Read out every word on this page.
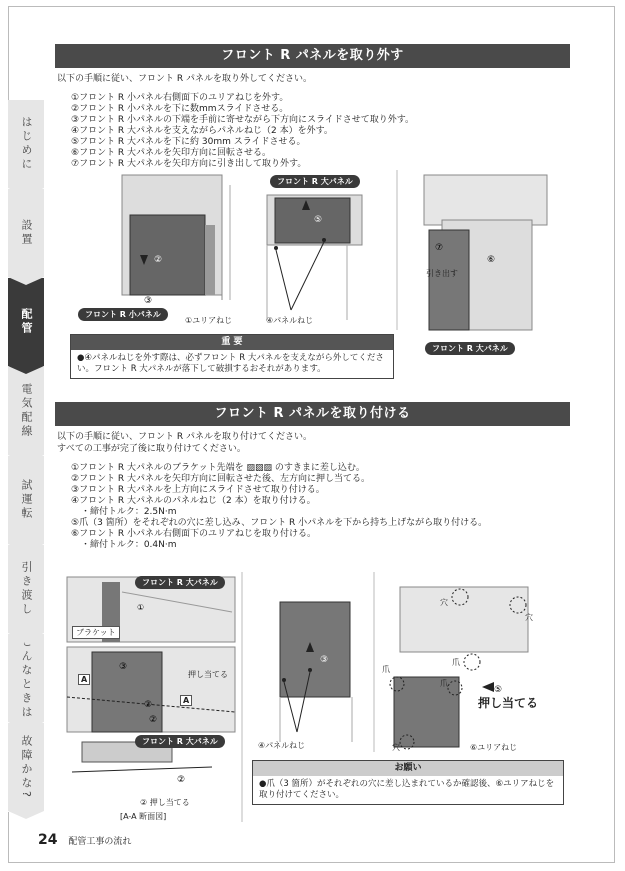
はじめに
設置
配管
電気配線
試運転
引き渡し
こんなときは
故障かな?
フロント R パネルを取り外す
以下の手順に従い、フロント R パネルを取り外してください。
①フロント R 小パネル右側面下のユリアねじを外す。
②フロント R 小パネルを下に数mmスライドさせる。
③フロント R 小パネルの下端を手前に寄せながら下方向にスライドさせて取り外す。
④フロント R 大パネルを支えながらパネルねじ（2 本）を外す。
⑤フロント R 大パネルを下に約 30mm スライドさせる。
⑥フロント R 大パネルを矢印方向に回転させる。
⑦フロント R 大パネルを矢印方向に引き出して取り外す。
②
③
⑤
⑦
⑥
フロント R 小パネル
①ユリアねじ
フロント R 大パネル
④パネルねじ
引き出す
フロント R 大パネル
重 要
●④パネルねじを外す際は、必ずフロント R 大パネルを支えながら外してください。フロント R 大パネルが落下して破損するおそれがあります。
フロント R パネルを取り付ける
以下の手順に従い、フロント R パネルを取り付けてください。
すべての工事が完了後に取り付けてください。
①フロント R 大パネルのブラケット先端を ▨▨▨ のすきまに差し込む。
②フロント R 大パネルを矢印方向に回転させた後、左方向に押し当てる。
③フロント R 大パネルを上方向にスライドさせて取り付ける。
④フロント R 大パネルのパネルねじ（2 本）を取り付ける。
・締付トルク：2.5N·m
⑤爪（3 箇所）をそれぞれの穴に差し込み、フロント R 小パネルを下から持ち上げながら取り付ける。
⑥フロント R 小パネル右側面下のユリアねじを取り付ける。
・締付トルク：0.4N·m
①
③
②
②
②
③
⑤
フロント R 大パネル
ブラケット
押し当てる
A
A
フロント R 大パネル
② 押し当てる
[A-A 断面図]
④パネルねじ
穴
穴
爪
爪
爪
押し当てる
穴	⑥ユリアねじ
お願い
●爪（3 箇所）がそれぞれの穴に差し込まれているか確認後、⑥ユリアねじを取り付けてください。
24 配管工事の流れ
